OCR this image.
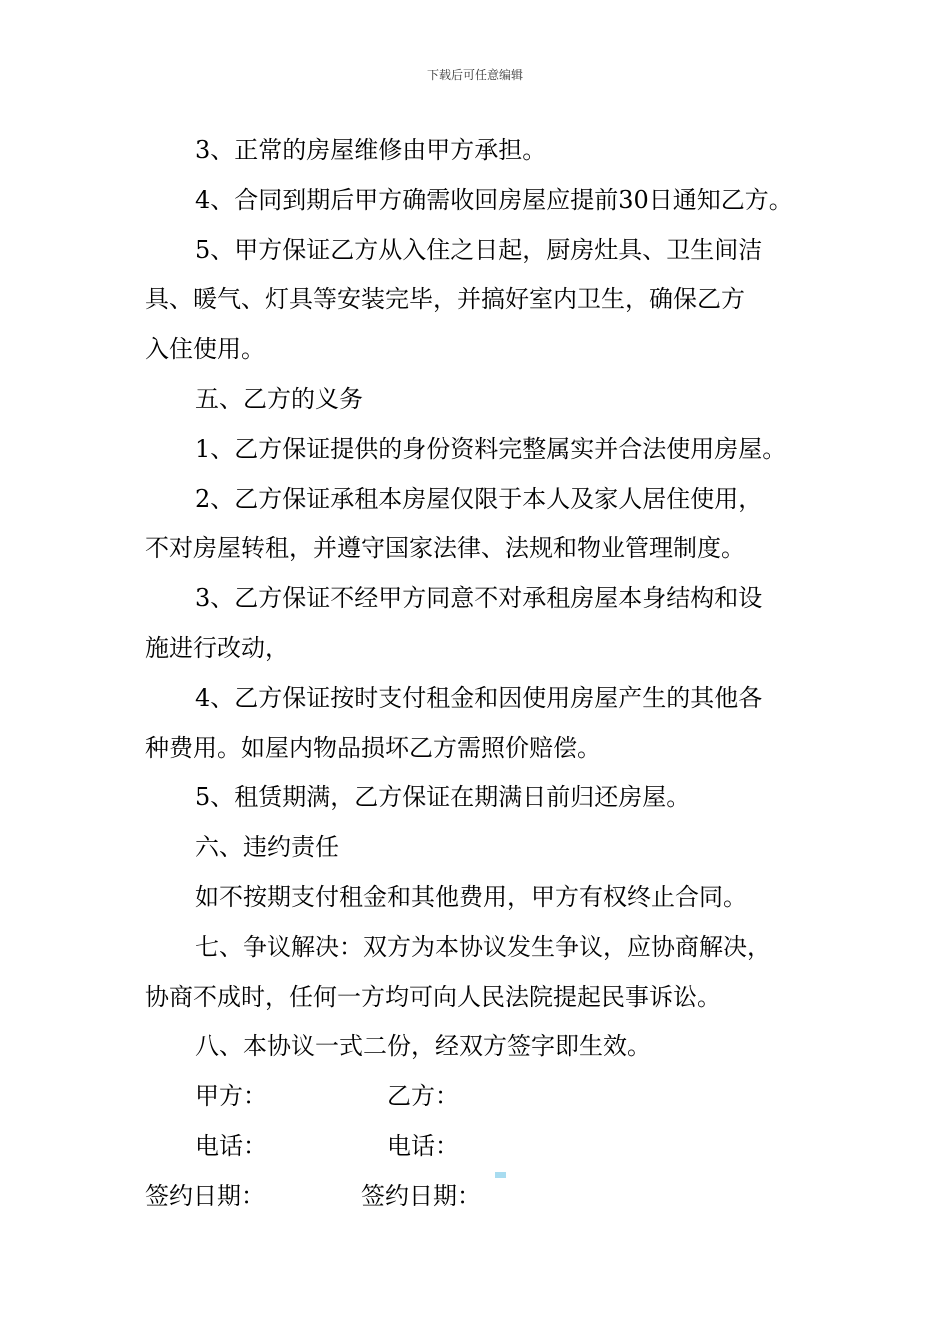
下载后可任意编辑

3、正常的房屋维修由甲方承担。

4、合同到期后甲方确需收回房屋应提前30日通知乙方。

5、甲方保证乙方从入住之日起，厨房灶具、卫生间洁

具、暖气、灯具等安装完毕，并搞好室内卫生，确保乙方

入住使用。

五、乙方的义务

1、乙方保证提供的身份资料完整属实并合法使用房屋。

2、乙方保证承租本房屋仅限于本人及家人居住使用，

不对房屋转租，并遵守国家法律、法规和物业管理制度。

3、乙方保证不经甲方同意不对承租房屋本身结构和设

施进行改动，

4、乙方保证按时支付租金和因使用房屋产生的其他各

种费用。如屋内物品损坏乙方需照价赔偿。

5、租赁期满，乙方保证在期满日前归还房屋。

六、违约责任

如不按期支付租金和其他费用，甲方有权终止合同。

七、争议解决：双方为本协议发生争议，应协商解决，

协商不成时，任何一方均可向人民法院提起民事诉讼。

八、本协议一式二份，经双方签字即生效。

甲方：	乙方：
电话：	电话：
签约日期：	签约日期：
